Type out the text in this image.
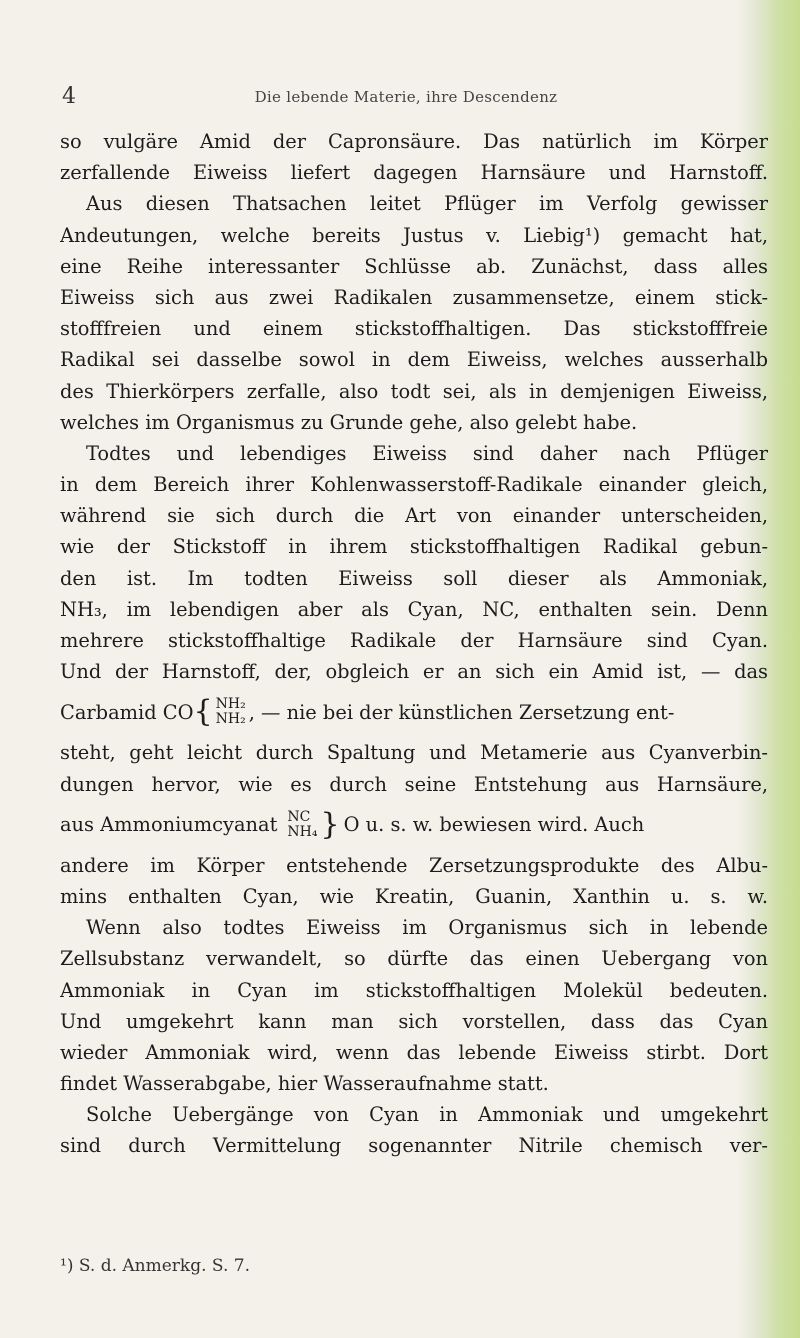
4	Die lebende Materie, ihre Descendenz
so vulgäre Amid der Capronsäure. Das natürlich im Körper
zerfallende Eiweiss liefert dagegen Harnsäure und Harnstoff.
Aus diesen Thatsachen leitet Pflüger im Verfolg gewisser
Andeutungen, welche bereits Justus v. Liebig¹) gemacht hat,
eine Reihe interessanter Schlüsse ab. Zunächst, dass alles
Eiweiss sich aus zwei Radikalen zusammensetze, einem stick-
stofffreien und einem stickstoffhaltigen. Das stickstofffreie
Radikal sei dasselbe sowol in dem Eiweiss, welches ausserhalb
des Thierkörpers zerfalle, also todt sei, als in demjenigen Eiweiss,
welches im Organismus zu Grunde gehe, also gelebt habe.
Todtes und lebendiges Eiweiss sind daher nach Pflüger
in dem Bereich ihrer Kohlenwasserstoff-Radikale einander gleich,
während sie sich durch die Art von einander unterscheiden,
wie der Stickstoff in ihrem stickstoffhaltigen Radikal gebun-
den ist. Im todten Eiweiss soll dieser als Ammoniak,
NH₃, im lebendigen aber als Cyan, NC, enthalten sein. Denn
mehrere stickstoffhaltige Radikale der Harnsäure sind Cyan.
Und der Harnstoff, der, obgleich er an sich ein Amid ist, — das
Carbamid CO { NH₂
NH₂ , — nie bei der künstlichen Zersetzung ent-
steht, geht leicht durch Spaltung und Metamerie aus Cyanverbin-
dungen hervor, wie es durch seine Entstehung aus Harnsäure,
aus Ammoniumcyanat NC
NH₄ } O u. s. w. bewiesen wird. Auch
andere im Körper entstehende Zersetzungsprodukte des Albu-
mins enthalten Cyan, wie Kreatin, Guanin, Xanthin u. s. w.
Wenn also todtes Eiweiss im Organismus sich in lebende
Zellsubstanz verwandelt, so dürfte das einen Uebergang von
Ammoniak in Cyan im stickstoffhaltigen Molekül bedeuten.
Und umgekehrt kann man sich vorstellen, dass das Cyan
wieder Ammoniak wird, wenn das lebende Eiweiss stirbt. Dort
findet Wasserabgabe, hier Wasseraufnahme statt.
Solche Uebergänge von Cyan in Ammoniak und umgekehrt
sind durch Vermittelung sogenannter Nitrile chemisch ver-
¹) S. d. Anmerkg. S. 7.
